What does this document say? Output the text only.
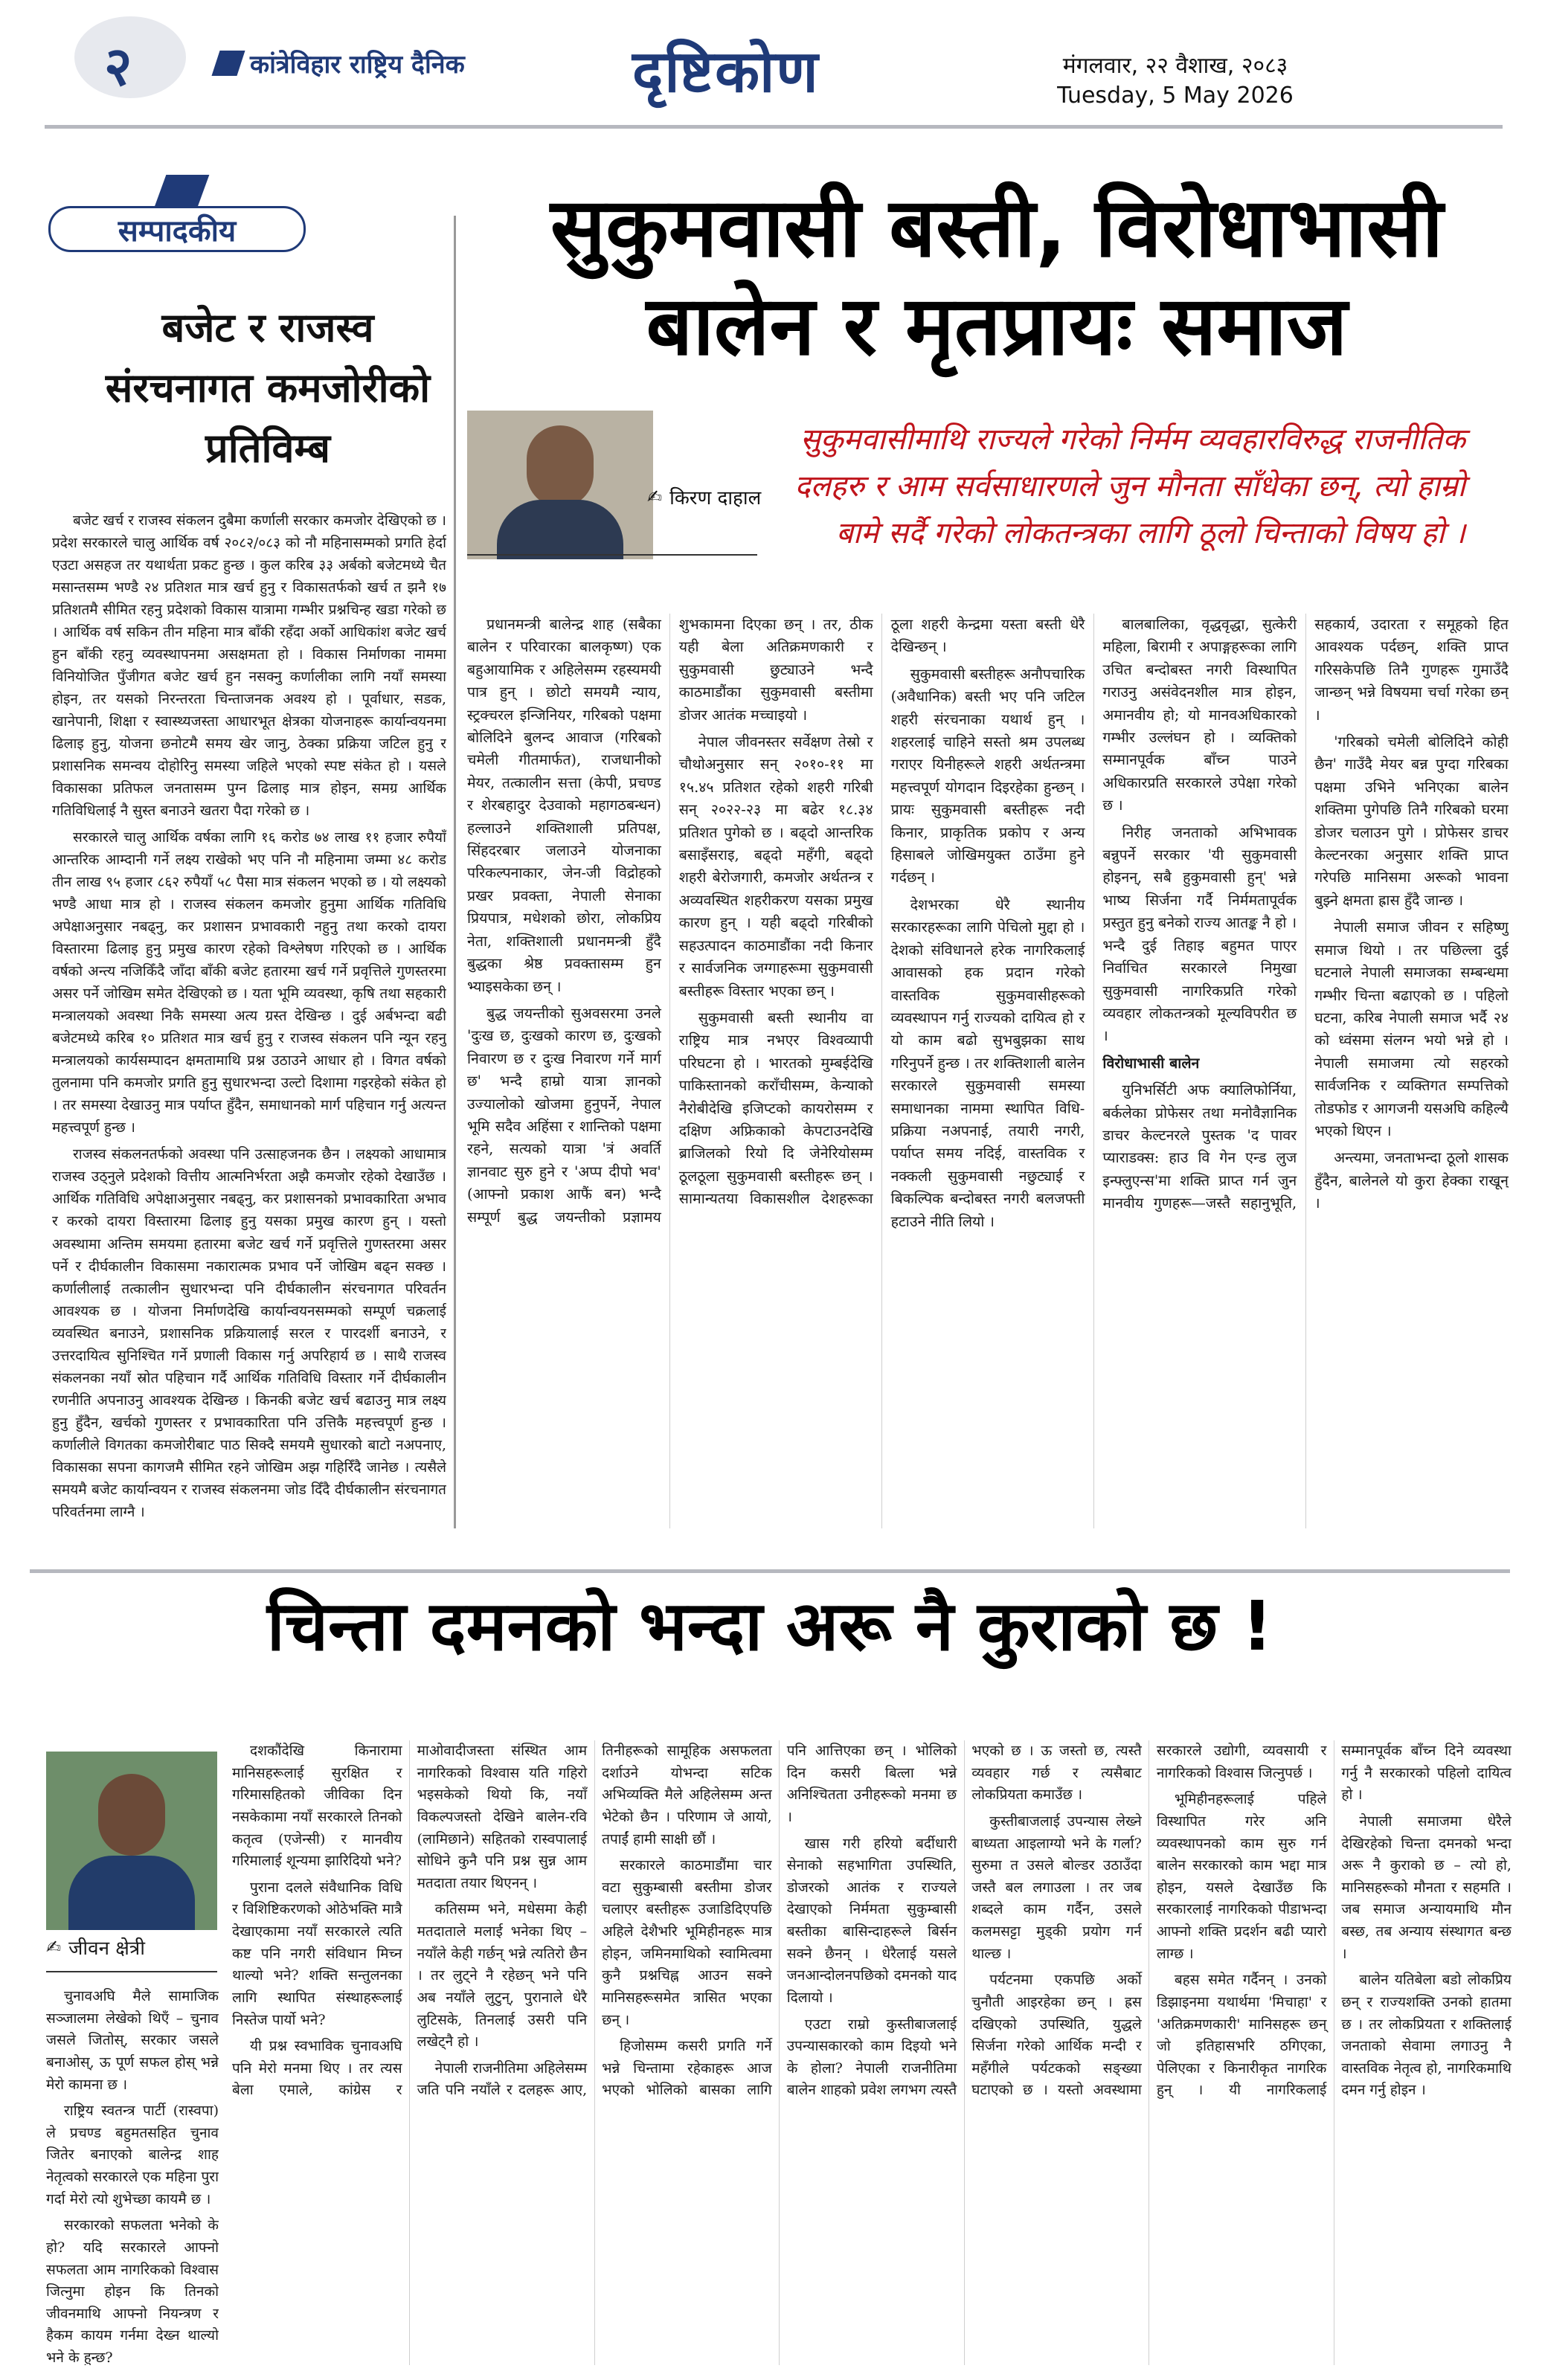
२	कांत्रेविहार राष्ट्रिय दैनिक	दृष्टिकोण	मंगलवार, २२ वैशाख, २०८३
Tuesday, 5 May 2026
सम्पादकीय
बजेट र राजस्व संरचनागत कमजोरीको प्रतिविम्ब

बजेट खर्च र राजस्व संकलन दुबैमा कर्णाली सरकार कमजोर देखिएको छ । प्रदेश सरकारले चालु आर्थिक वर्ष २०८२/०८३ को नौ महिनासम्मको प्रगति हेर्दा एउटा असहज तर यथार्थता प्रकट हुन्छ । कुल करिब ३३ अर्बको बजेटमध्ये चैत मसान्तसम्म भण्डै २४ प्रतिशत मात्र खर्च हुनु र विकासतर्फको खर्च त झनै १७ प्रतिशतमै सीमित रहनु प्रदेशको विकास यात्रामा गम्भीर प्रश्नचिन्ह खडा गरेको छ । आर्थिक वर्ष सकिन तीन महिना मात्र बाँकी रहँदा अर्को आधिकांश बजेट खर्च हुन बाँकी रहनु व्यवस्थापनमा असक्षमता हो । विकास निर्माणका नाममा विनियोजित पुँजीगत बजेट खर्च हुन नसक्नु कर्णालीका लागि नयाँ समस्या होइन, तर यसको निरन्तरता चिन्ताजनक अवश्य हो । पूर्वाधार, सडक, खानेपानी, शिक्षा र स्वास्थ्यजस्ता आधारभूत क्षेत्रका योजनाहरू कार्यान्वयनमा ढिलाइ हुनु, योजना छनोटमै समय खेर जानु, ठेक्का प्रक्रिया जटिल हुनु र प्रशासनिक समन्वय दोहोरिनु समस्या जहिले भएको स्पष्ट संकेत हो । यसले विकासका प्रतिफल जनतासम्म पुग्न ढिलाइ मात्र होइन, समग्र आर्थिक गतिविधिलाई नै सुस्त बनाउने खतरा पैदा गरेको छ ।

सरकारले चालु आर्थिक वर्षका लागि १६ करोड ७४ लाख ११ हजार रुपैयाँ आन्तरिक आम्दानी गर्ने लक्ष्य राखेको भए पनि नौ महिनामा जम्मा ४८ करोड तीन लाख ९५ हजार ८६२ रुपैयाँ ५८ पैसा मात्र संकलन भएको छ । यो लक्ष्यको भण्डै आधा मात्र हो । राजस्व संकलन कमजोर हुनुमा आर्थिक गतिविधि अपेक्षाअनुसार नबढ्नु, कर प्रशासन प्रभावकारी नहुनु तथा करको दायरा विस्तारमा ढिलाइ हुनु प्रमुख कारण रहेको विश्लेषण गरिएको छ । आर्थिक वर्षको अन्त्य नजिकिँदै जाँदा बाँकी बजेट हतारमा खर्च गर्ने प्रवृत्तिले गुणस्तरमा असर पर्ने जोखिम समेत देखिएको छ । यता भूमि व्यवस्था, कृषि तथा सहकारी मन्त्रालयको अवस्था निकै समस्या अत्य ग्रस्त देखिन्छ । दुई अर्बभन्दा बढी बजेटमध्ये करिब १० प्रतिशत मात्र खर्च हुनु र राजस्व संकलन पनि न्यून रहनु मन्त्रालयको कार्यसम्पादन क्षमतामाथि प्रश्न उठाउने आधार हो । विगत वर्षको तुलनामा पनि कमजोर प्रगति हुनु सुधारभन्दा उल्टो दिशामा गइरहेको संकेत हो । तर समस्या देखाउनु मात्र पर्याप्त हुँदैन, समाधानको मार्ग पहिचान गर्नु अत्यन्त महत्त्वपूर्ण हुन्छ ।

राजस्व संकलनतर्फको अवस्था पनि उत्साहजनक छैन । लक्ष्यको आधामात्र राजस्व उठ्नुले प्रदेशको वित्तीय आत्मनिर्भरता अझै कमजोर रहेको देखाउँछ । आर्थिक गतिविधि अपेक्षाअनुसार नबढ्नु, कर प्रशासनको प्रभावकारिता अभाव र करको दायरा विस्तारमा ढिलाइ हुनु यसका प्रमुख कारण हुन् । यस्तो अवस्थामा अन्तिम समयमा हतारमा बजेट खर्च गर्ने प्रवृत्तिले गुणस्तरमा असर पर्ने र दीर्घकालीन विकासमा नकारात्मक प्रभाव पर्ने जोखिम बढ्न सक्छ । कर्णालीलाई तत्कालीन सुधारभन्दा पनि दीर्घकालीन संरचनागत परिवर्तन आवश्यक छ । योजना निर्माणदेखि कार्यान्वयनसम्मको सम्पूर्ण चक्रलाई व्यवस्थित बनाउने, प्रशासनिक प्रक्रियालाई सरल र पारदर्शी बनाउने, र उत्तरदायित्व सुनिश्चित गर्ने प्रणाली विकास गर्नु अपरिहार्य छ । साथै राजस्व संकलनका नयाँ स्रोत पहिचान गर्दै आर्थिक गतिविधि विस्तार गर्ने दीर्घकालीन रणनीति अपनाउनु आवश्यक देखिन्छ । किनकी बजेट खर्च बढाउनु मात्र लक्ष्य हुनु हुँदैन, खर्चको गुणस्तर र प्रभावकारिता पनि उत्तिकै महत्त्वपूर्ण हुन्छ । कर्णालीले विगतका कमजोरीबाट पाठ सिक्दै समयमै सुधारको बाटो नअपनाए, विकासका सपना कागजमै सीमित रहने जोखिम अझ गहिरिँदै जानेछ । त्यसैले समयमै बजेट कार्यान्वयन र राजस्व संकलनमा जोड दिँदै दीर्घकालीन संरचनागत परिवर्तनमा लाग्नै ।

सुकुमवासी बस्ती, विरोधाभासी बालेन र मृतप्रायः समाज
✍ किरण दाहाल
सुकुमवासीमाथि राज्यले गरेको निर्मम व्यवहारविरुद्ध राजनीतिक दलहरु र आम सर्वसाधारणले जुन मौनता साँधेका छन्, त्यो हाम्रो बामे सर्दै गरेको लोकतन्त्रका लागि ठूलो चिन्ताको विषय हो ।

प्रधानमन्त्री बालेन्द्र शाह (सबैका बालेन र परिवारका बालकृष्ण) एक बहुआयामिक र अहिलेसम्म रहस्यमयी पात्र हुन् । छोटो समयमै न्याय, स्ट्रक्चरल इन्जिनियर, गरिबको पक्षमा बोलिदिने बुलन्द आवाज (गरिबको चमेली गीतमार्फत), राजधानीको मेयर, तत्कालीन सत्ता (केपी, प्रचण्ड र शेरबहादुर देउवाको महागठबन्धन) हल्लाउने शक्तिशाली प्रतिपक्ष, सिंहदरबार जलाउने योजनाका परिकल्पनाकार, जेन-जी विद्रोहको प्रखर प्रवक्ता, नेपाली सेनाका प्रियपात्र, मधेशको छोरा, लोकप्रिय नेता, शक्तिशाली प्रधानमन्त्री हुँदै बुद्धका श्रेष्ठ प्रवक्तासम्म हुन भ्याइसकेका छन् ।

बुद्ध जयन्तीको सुअवसरमा उनले 'दुःख छ, दुःखको कारण छ, दुःखको निवारण छ र दुःख निवारण गर्ने मार्ग छ' भन्दै हाम्रो यात्रा ज्ञानको उज्यालोको खोजमा हुनुपर्ने, नेपाल भूमि सदैव अहिंसा र शान्तिको पक्षमा रहने, सत्यको यात्रा 'त्रं अवर्ति ज्ञानवाट सुरु हुने र 'अप्प दीपो भव' (आफ्नो प्रकाश आफैं बन) भन्दै सम्पूर्ण बुद्ध जयन्तीको प्रज्ञामय शुभकामना दिएका छन् । तर, ठीक यही बेला अतिक्रमणकारी र सुकुमवासी छुट्याउने भन्दै काठमाडौंका सुकुमवासी बस्तीमा डोजर आतंक मच्चाइयो ।

नेपाल जीवनस्तर सर्वेक्षण तेस्रो र चौथोअनुसार सन् २०१०-११ मा १५.४५ प्रतिशत रहेको शहरी गरिबी सन् २०२२-२३ मा बढेर १८.३४ प्रतिशत पुगेको छ । बढ्दो आन्तरिक बसाइँसराइ, बढ्दो महँगी, बढ्दो शहरी बेरोजगारी, कमजोर अर्थतन्त्र र अव्यवस्थित शहरीकरण यसका प्रमुख कारण हुन् । यही बढ्दो गरिबीको सहउत्पादन काठमाडौंका नदी किनार र सार्वजनिक जग्गाहरूमा सुकुमवासी बस्तीहरू विस्तार भएका छन् ।

सुकुमवासी बस्ती स्थानीय वा राष्ट्रिय मात्र नभएर विश्वव्यापी परिघटना हो । भारतको मुम्बईदेखि पाकिस्तानको कराँचीसम्म, केन्याको नैरोबीदेखि इजिप्टको कायरोसम्म र दक्षिण अफ्रिकाको केपटाउनदेखि ब्राजिलको रियो दि जेनेरियोसम्म ठूलठूला सुकुमवासी बस्तीहरू छन् । सामान्यतया विकासशील देशहरूका ठूला शहरी केन्द्रमा यस्ता बस्ती धेरै देखिन्छन् ।

सुकुमवासी बस्तीहरू अनौपचारिक (अवैधानिक) बस्ती भए पनि जटिल शहरी संरचनाका यथार्थ हुन् । शहरलाई चाहिने सस्तो श्रम उपलब्ध गराएर यिनीहरूले शहरी अर्थतन्त्रमा महत्त्वपूर्ण योगदान दिइरहेका हुन्छन् । प्रायः सुकुमवासी बस्तीहरू नदी किनार, प्राकृतिक प्रकोप र अन्य हिसाबले जोखिमयुक्त ठाउँमा हुने गर्दछन् ।

देशभरका धेरै स्थानीय सरकारहरूका लागि पेचिलो मुद्दा हो । देशको संविधानले हरेक नागरिकलाई आवासको हक प्रदान गरेको वास्तविक सुकुमवासीहरूको व्यवस्थापन गर्नु राज्यको दायित्व हो र यो काम बढो सुभबुझका साथ गरिनुपर्ने हुन्छ । तर शक्तिशाली बालेन सरकारले सुकुमवासी समस्या समाधानका नाममा स्थापित विधि-प्रक्रिया नअपनाई, तयारी नगरी, पर्याप्त समय नदिई, वास्तविक र नक्कली सुकुमवासी नछुट्याई र बिकल्पिक बन्दोबस्त नगरी बलजफ्ती हटाउने नीति लियो ।

बालबालिका, वृद्धवृद्धा, सुत्केरी महिला, बिरामी र अपाङ्गहरूका लागि उचित बन्दोबस्त नगरी विस्थापित गराउनु असंवेदनशील मात्र होइन, अमानवीय हो; यो मानवअधिकारको गम्भीर उल्लंघन हो । व्यक्तिको सम्मानपूर्वक बाँच्न पाउने अधिकारप्रति सरकारले उपेक्षा गरेको छ ।

निरीह जनताको अभिभावक बन्नुपर्ने सरकार 'यी सुकुमवासी होइनन्, सबै हुकुमवासी हुन्' भन्ने भाष्य सिर्जना गर्दै निर्ममतापूर्वक प्रस्तुत हुनु बनेको राज्य आतङ्क नै हो । भन्दै दुई तिहाइ बहुमत पाएर निर्वाचित सरकारले निमुखा सुकुमवासी नागरिकप्रति गरेको व्यवहार लोकतन्त्रको मूल्यविपरीत छ ।

विरोधाभासी बालेन

युनिभर्सिटी अफ क्यालिफोर्निया, बर्कलेका प्रोफेसर तथा मनोवैज्ञानिक डाचर केल्टनरले पुस्तक 'द पावर प्याराडक्स: हाउ वि गेन एन्ड लुज इन्फ्लुएन्स'मा शक्ति प्राप्त गर्न जुन मानवीय गुणहरू—जस्तै सहानुभूति, सहकार्य, उदारता र समूहको हित आवश्यक पर्दछन्, शक्ति प्राप्त गरिसकेपछि तिनै गुणहरू गुमाउँदै जान्छन् भन्ने विषयमा चर्चा गरेका छन् ।

'गरिबको चमेली बोलिदिने कोही छैन' गाउँदै मेयर बन्न पुग्दा गरिबका पक्षमा उभिने भनिएका बालेन शक्तिमा पुगेपछि तिनै गरिबको घरमा डोजर चलाउन पुगे । प्रोफेसर डाचर केल्टनरका अनुसार शक्ति प्राप्त गरेपछि मानिसमा अरूको भावना बुझ्ने क्षमता ह्रास हुँदै जान्छ ।

नेपाली समाज जीवन र सहिष्णु समाज थियो । तर पछिल्ला दुई घटनाले नेपाली समाजका सम्बन्धमा गम्भीर चिन्ता बढाएको छ । पहिलो घटना, करिब नेपाली समाज भर्दै २४ को ध्वंसमा संलग्न भयो भन्ने हो । नेपाली समाजमा त्यो सहरको सार्वजनिक र व्यक्तिगत सम्पत्तिको तोडफोड र आगजनी यसअघि कहिल्यै भएको थिएन ।

अन्त्यमा, जनताभन्दा ठूलो शासक हुँदैन, बालेनले यो कुरा हेक्का राखून् ।

चिन्ता दमनको भन्दा अरू नै कुराको छ !
✍ जीवन क्षेत्री

चुनावअघि मैले सामाजिक सञ्जालमा लेखेको थिएँ – चुनाव जसले जितोस्, सरकार जसले बनाओस्, ऊ पूर्ण सफल होस् भन्ने मेरो कामना छ ।

राष्ट्रिय स्वतन्त्र पार्टी (रास्वपा) ले प्रचण्ड बहुमतसहित चुनाव जितेर बनाएको बालेन्द्र शाह नेतृत्वको सरकारले एक महिना पुरा गर्दा मेरो त्यो शुभेच्छा कायमै छ ।

सरकारको सफलता भनेको के हो? यदि सरकारले आफ्नो सफलता आम नागरिकको विश्वास जित्नुमा होइन कि तिनको जीवनमाथि आफ्नो नियन्त्रण र हैकम कायम गर्नमा देख्न थाल्यो भने के हुन्छ?

दशकौंदेखि किनारामा मानिसहरूलाई सुरक्षित र गरिमासहितको जीविका दिन नसकेकामा नयाँ सरकारले तिनको कतृत्व (एजेन्सी) र मानवीय गरिमालाई शून्यमा झारिदियो भने?

पुराना दलले संवैधानिक विधि र विशिष्टिकरणको ओठेभक्ति मात्रै देखाएकामा नयाँ सरकारले त्यति कष्ट पनि नगरी संविधान मिच्न थाल्यो भने? शक्ति सन्तुलनका लागि स्थापित संस्थाहरूलाई निस्तेज पार्यो भने?

यी प्रश्न स्वभाविक चुनावअघि पनि मेरो मनमा थिए । तर त्यस बेला एमाले, कांग्रेस र माओवादीजस्ता संस्थित आम नागरिकको विश्वास यति गहिरो भइसकेको थियो कि, नयाँ विकल्पजस्तो देखिने बालेन-रवि (लामिछाने) सहितको रास्वपालाई सोधिने कुनै पनि प्रश्न सुन्न आम मतदाता तयार थिएनन् ।

कतिसम्म भने, मधेसमा केही मतदाताले मलाई भनेका थिए – नयाँले केही गर्छन् भन्ने त्यतिरो छैन । तर लुट्ने नै रहेछन् भने पनि अब नयाँले लुटुन्, पुरानाले धेरै लुटिसके, तिनलाई उसरी पनि लखेट्नै हो ।

नेपाली राजनीतिमा अहिलेसम्म जति पनि नयाँले र दलहरू आए, तिनीहरूको सामूहिक असफलता दर्शाउने योभन्दा सटिक अभिव्यक्ति मैले अहिलेसम्म अन्त भेटेको छैन । परिणाम जे आयो, तपाईं हामी साक्षी छौं ।

सरकारले काठमाडौंमा चार वटा सुकुम्बासी बस्तीमा डोजर चलाएर बस्तीहरू उजाडिदिएपछि अहिले देशैभरि भूमिहीनहरू मात्र होइन, जमिनमाथिको स्वामित्वमा कुनै प्रश्नचिह्न आउन सक्ने मानिसहरूसमेत त्रासित भएका छन् ।

हिजोसम्म कसरी प्रगति गर्ने भन्ने चिन्तामा रहेकाहरू आज भएको भोलिको बासका लागि पनि आत्तिएका छन् । भोलिको दिन कसरी बित्ला भन्ने अनिश्चितता उनीहरूको मनमा छ ।

खास गरी हरियो बर्दीधारी सेनाको सहभागिता उपस्थिति, डोजरको आतंक र राज्यले देखाएको निर्ममता सुकुम्बासी बस्तीका बासिन्दाहरूले बिर्सन सक्ने छैनन् । धेरैलाई यसले जनआन्दोलनपछिको दमनको याद दिलायो ।

एउटा राम्रो कुस्तीबाजलाई उपन्यासकारको काम दिइयो भने के होला? नेपाली राजनीतिमा बालेन शाहको प्रवेश लगभग त्यस्तै भएको छ । ऊ जस्तो छ, त्यस्तै व्यवहार गर्छ र त्यसैबाट लोकप्रियता कमाउँछ ।

कुस्तीबाजलाई उपन्यास लेख्ने बाध्यता आइलाग्यो भने के गर्ला? सुरुमा त उसले बोल्डर उठाउँदा जस्तै बल लगाउला । तर जब शब्दले काम गर्दैन, उसले कलमसट्टा मुड्की प्रयोग गर्न थाल्छ ।

पर्यटनमा एकपछि अर्को चुनौती आइरहेका छन् । ह्रस दखिएको उपस्थिति, युद्धले सिर्जना गरेको आर्थिक मन्दी र महँगीले पर्यटकको सङ्ख्या घटाएको छ । यस्तो अवस्थामा सरकारले उद्योगी, व्यवसायी र नागरिकको विश्वास जित्नुपर्छ ।

भूमिहीनहरूलाई पहिले विस्थापित गरेर अनि व्यवस्थापनको काम सुरु गर्न बालेन सरकारको काम भद्दा मात्र होइन, यसले देखाउँछ कि सरकारलाई नागरिकको पीडाभन्दा आफ्नो शक्ति प्रदर्शन बढी प्यारो लाग्छ ।

बहस समेत गर्दैनन् । उनको डिझाइनमा यथार्थमा 'मिचाहा' र 'अतिक्रमणकारी' मानिसहरू छन् जो इतिहासभरि ठगिएका, पेलिएका र किनारीकृत नागरिक हुन् । यी नागरिकलाई सम्मानपूर्वक बाँच्न दिने व्यवस्था गर्नु नै सरकारको पहिलो दायित्व हो ।

नेपाली समाजमा धेरैले देखिरहेको चिन्ता दमनको भन्दा अरू नै कुराको छ – त्यो हो, मानिसहरूको मौनता र सहमति । जब समाज अन्यायमाथि मौन बस्छ, तब अन्याय संस्थागत बन्छ ।

बालेन यतिबेला बडो लोकप्रिय छन् र राज्यशक्ति उनको हातमा छ । तर लोकप्रियता र शक्तिलाई जनताको सेवामा लगाउनु नै वास्तविक नेतृत्व हो, नागरिकमाथि दमन गर्नु होइन ।
